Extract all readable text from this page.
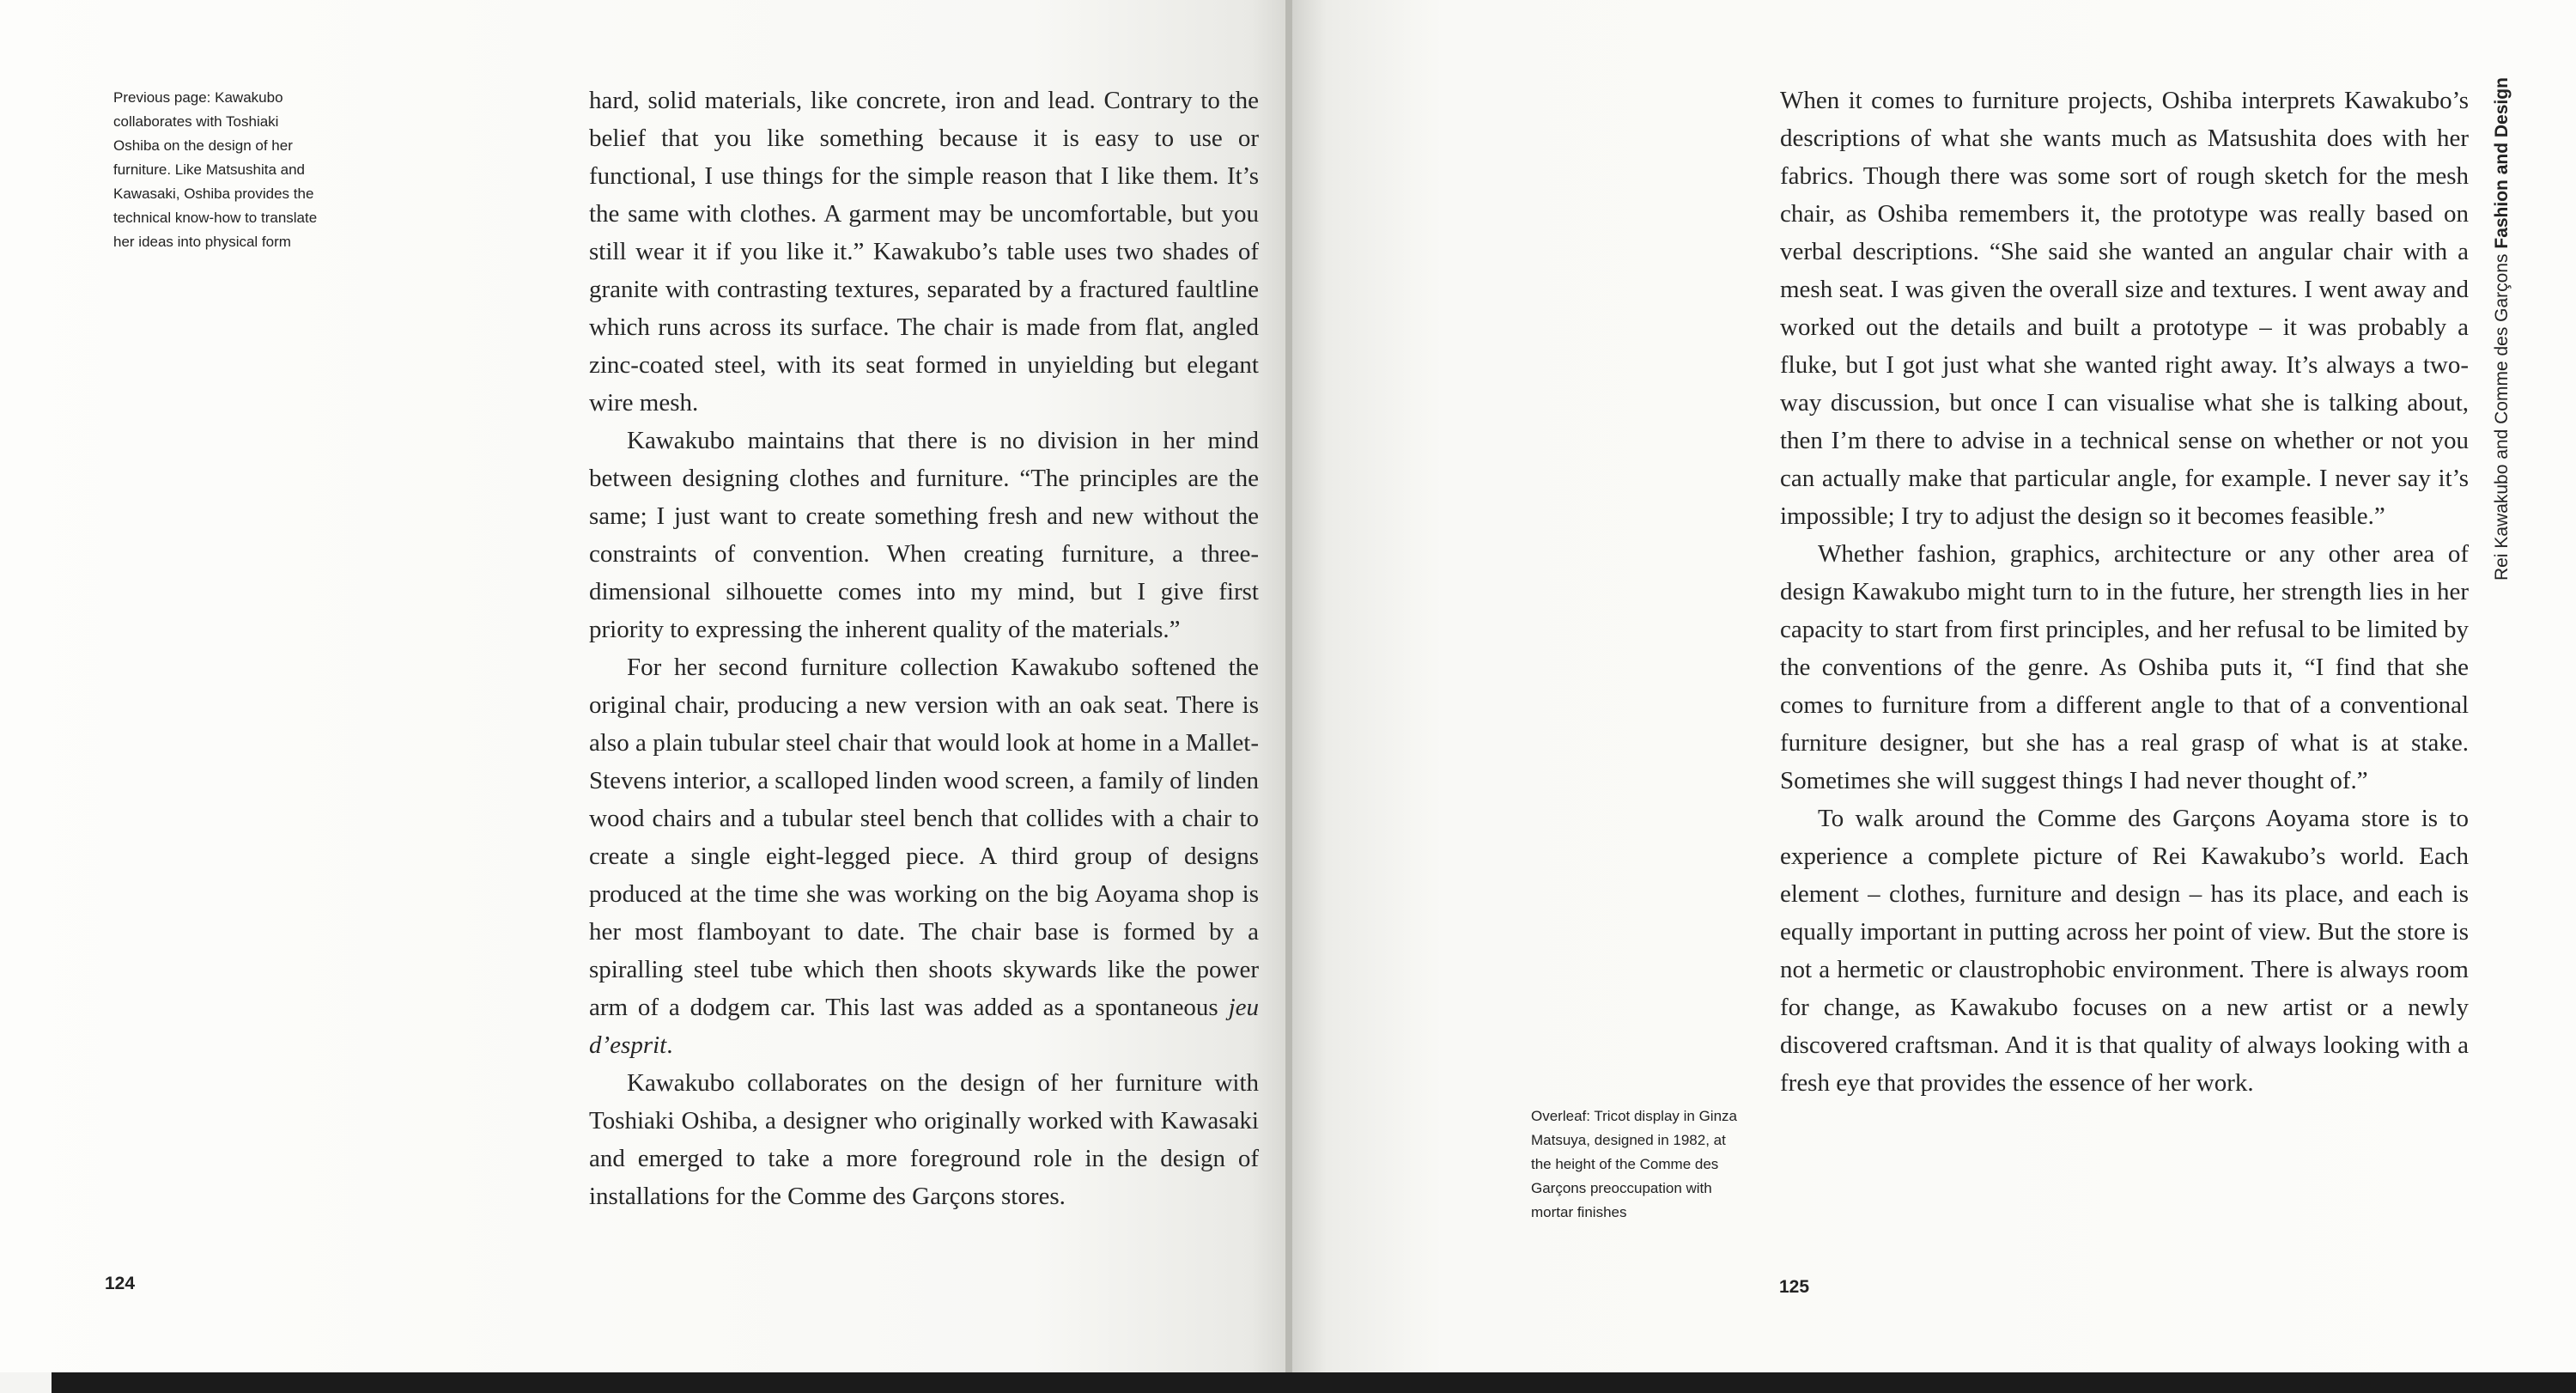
Previous page: Kawakubo collaborates with Toshiaki Oshiba on the design of her furniture. Like Matsushita and Kawasaki, Oshiba provides the technical know-how to translate her ideas into physical form

hard, solid materials, like concrete, iron and lead. Contrary to the belief that you like something because it is easy to use or functional, I use things for the simple reason that I like them. It’s the same with clothes. A garment may be uncomfortable, but you still wear it if you like it.” Kawakubo’s table uses two shades of granite with contrasting textures, separated by a fractured faultline which runs across its surface. The chair is made from flat, angled zinc-coated steel, with its seat formed in unyielding but elegant wire mesh.

Kawakubo maintains that there is no division in her mind between designing clothes and furniture. “The principles are the same; I just want to create something fresh and new without the constraints of convention. When creating furniture, a three-dimensional silhouette comes into my mind, but I give first priority to expressing the inherent quality of the materials.”

For her second furniture collection Kawakubo softened the original chair, producing a new version with an oak seat. There is also a plain tubular steel chair that would look at home in a Mallet-Stevens interior, a scalloped linden wood screen, a family of linden wood chairs and a tubular steel bench that collides with a chair to create a single eight-legged piece. A third group of designs produced at the time she was working on the big Aoyama shop is her most flamboyant to date. The chair base is formed by a spiralling steel tube which then shoots skywards like the power arm of a dodgem car. This last was added as a spontaneous jeu d’esprit.

Kawakubo collaborates on the design of her furniture with Toshiaki Oshiba, a designer who originally worked with Kawasaki and emerged to take a more foreground role in the design of installations for the Comme des Garçons stores.

124
Overleaf: Tricot display in Ginza Matsuya, designed in 1982, at the height of the Comme des Garçons preoccupation with mortar finishes

When it comes to furniture projects, Oshiba interprets Kawakubo’s descriptions of what she wants much as Matsushita does with her fabrics. Though there was some sort of rough sketch for the mesh chair, as Oshiba remembers it, the prototype was really based on verbal descriptions. “She said she wanted an angular chair with a mesh seat. I was given the overall size and textures. I went away and worked out the details and built a prototype – it was probably a fluke, but I got just what she wanted right away. It’s always a two-way discussion, but once I can visualise what she is talking about, then I’m there to advise in a technical sense on whether or not you can actually make that particular angle, for example. I never say it’s impossible; I try to adjust the design so it becomes feasible.”

Whether fashion, graphics, architecture or any other area of design Kawakubo might turn to in the future, her strength lies in her capacity to start from first principles, and her refusal to be limited by the conventions of the genre. As Oshiba puts it, “I find that she comes to furniture from a different angle to that of a conventional furniture designer, but she has a real grasp of what is at stake. Sometimes she will suggest things I had never thought of.”

To walk around the Comme des Garçons Aoyama store is to experience a complete picture of Rei Kawakubo’s world. Each element – clothes, furniture and design – has its place, and each is equally important in putting across her point of view. But the store is not a hermetic or claustrophobic environment. There is always room for change, as Kawakubo focuses on a new artist or a newly discovered craftsman. And it is that quality of always looking with a fresh eye that provides the essence of her work.

125
Rei Kawakubo and Comme des Garçons Fashion and Design
